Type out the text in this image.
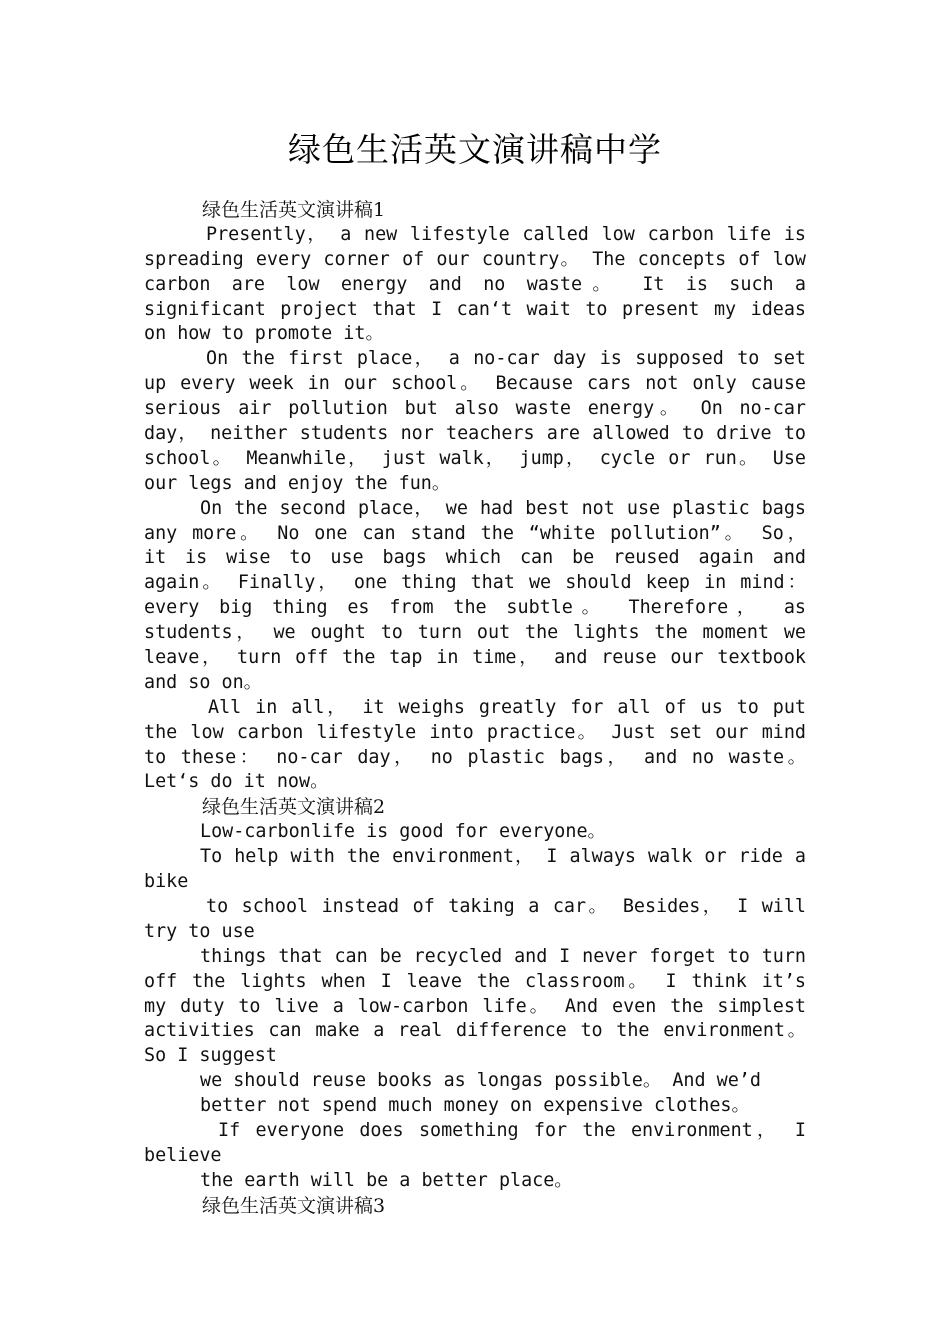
绿色生活英文演讲稿中学
绿色生活英文演讲稿1
Presently， a new lifestyle called low carbon life is
spreading every corner of our country。 The concepts of low
carbon are low energy and no waste。 It is such a
significant project that I can‘t wait to present my ideas
on how to promote it。
On the first place， a no-car day is supposed to set
up every week in our school。 Because cars not only cause
serious air pollution but also waste energy。 On no-car
day， neither students nor teachers are allowed to drive to
school。 Meanwhile， just walk， jump， cycle or run。 Use
our legs and enjoy the fun。
On the second place， we had best not use plastic bags
any more。 No one can stand the “white pollution”。 So，
it is wise to use bags which can be reused again and
again。 Finally， one thing that we should keep in mind：
every big thing es from the subtle。 Therefore， as
students， we ought to turn out the lights the moment we
leave， turn off the tap in time， and reuse our textbook
and so on。
All in all， it weighs greatly for all of us to put
the low carbon lifestyle into practice。 Just set our mind
to these： no-car day， no plastic bags， and no waste。
Let‘s do it now。
绿色生活英文演讲稿2
Low-carbonlife is good for everyone。
To help with the environment， I always walk or ride a
bike
to school instead of taking a car。 Besides， I will
try to use
things that can be recycled and I never forget to turn
off the lights when I leave the classroom。 I think it’s
my duty to live a low-carbon life。 And even the simplest
activities can make a real difference to the environment。
So I suggest
we should reuse books as longas possible。 And we’d
better not spend much money on expensive clothes。
If everyone does something for the environment， I
believe
the earth will be a better place。
绿色生活英文演讲稿3
